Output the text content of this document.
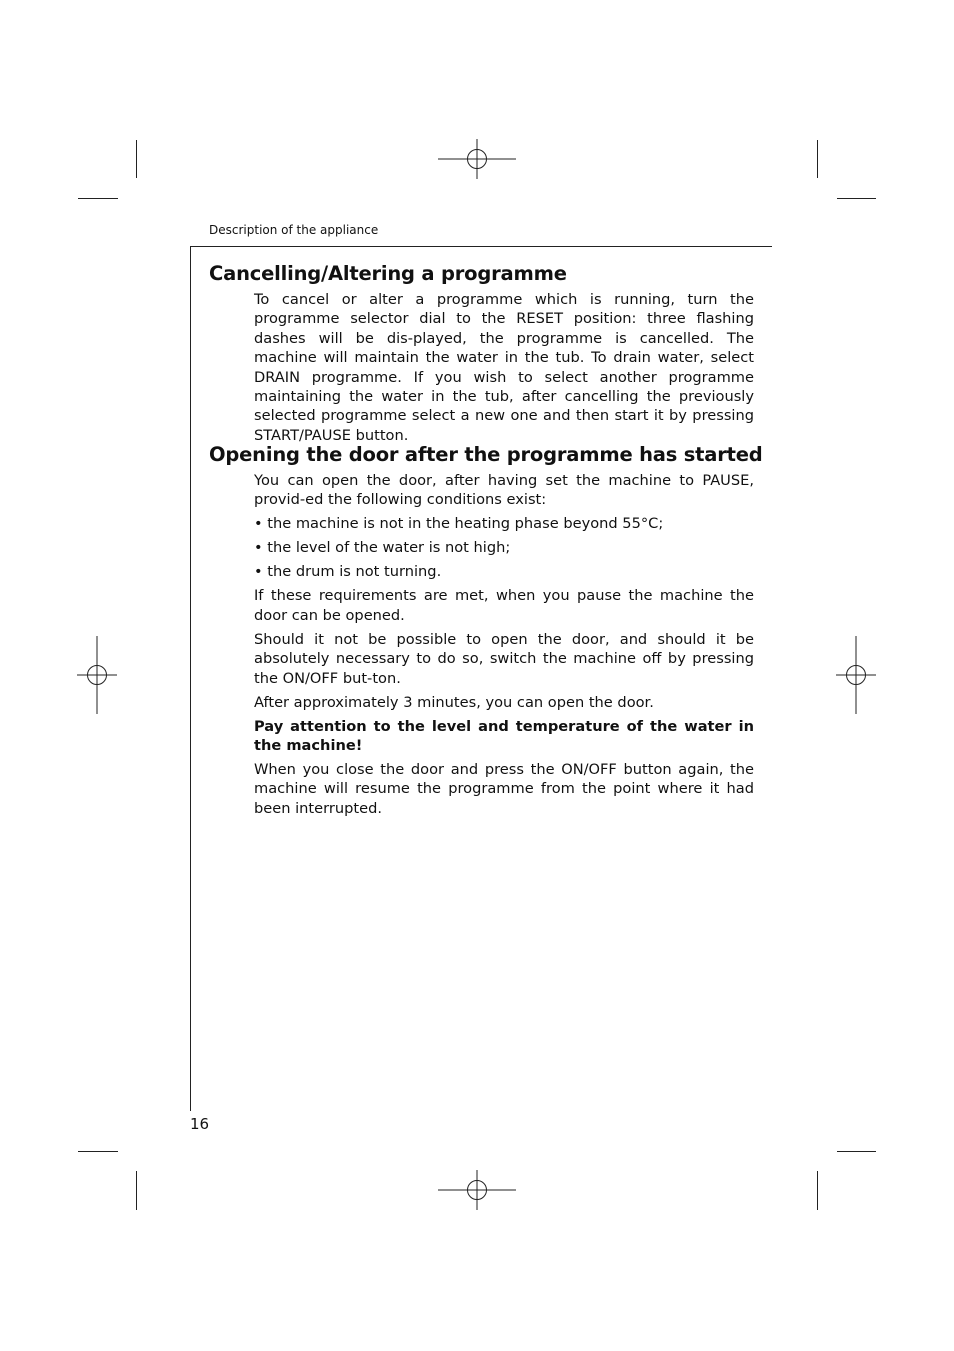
Description of the appliance
Cancelling/Altering a programme

To cancel or alter a programme which is running, turn the programme selector dial to the RESET position: three flashing dashes will be dis-played, the programme is cancelled. The machine will maintain the water in the tub. To drain water, select DRAIN programme. If you wish to select another programme maintaining the water in the tub, after cancelling the previously selected programme select a new one and then start it by pressing START/PAUSE button.

Opening the door after the programme has started

You can open the door, after having set the machine to PAUSE, provid-ed the following conditions exist:

• the machine is not in the heating phase beyond 55°C;

• the level of the water is not high;

• the drum is not turning.

If these requirements are met, when you pause the machine the door can be opened.

Should it not be possible to open the door, and should it be absolutely necessary to do so, switch the machine off by pressing the ON/OFF but-ton.

After approximately 3 minutes, you can open the door.

Pay attention to the level and temperature of the water in the machine!

When you close the door and press the ON/OFF button again, the machine will resume the programme from the point where it had been interrupted.

16
